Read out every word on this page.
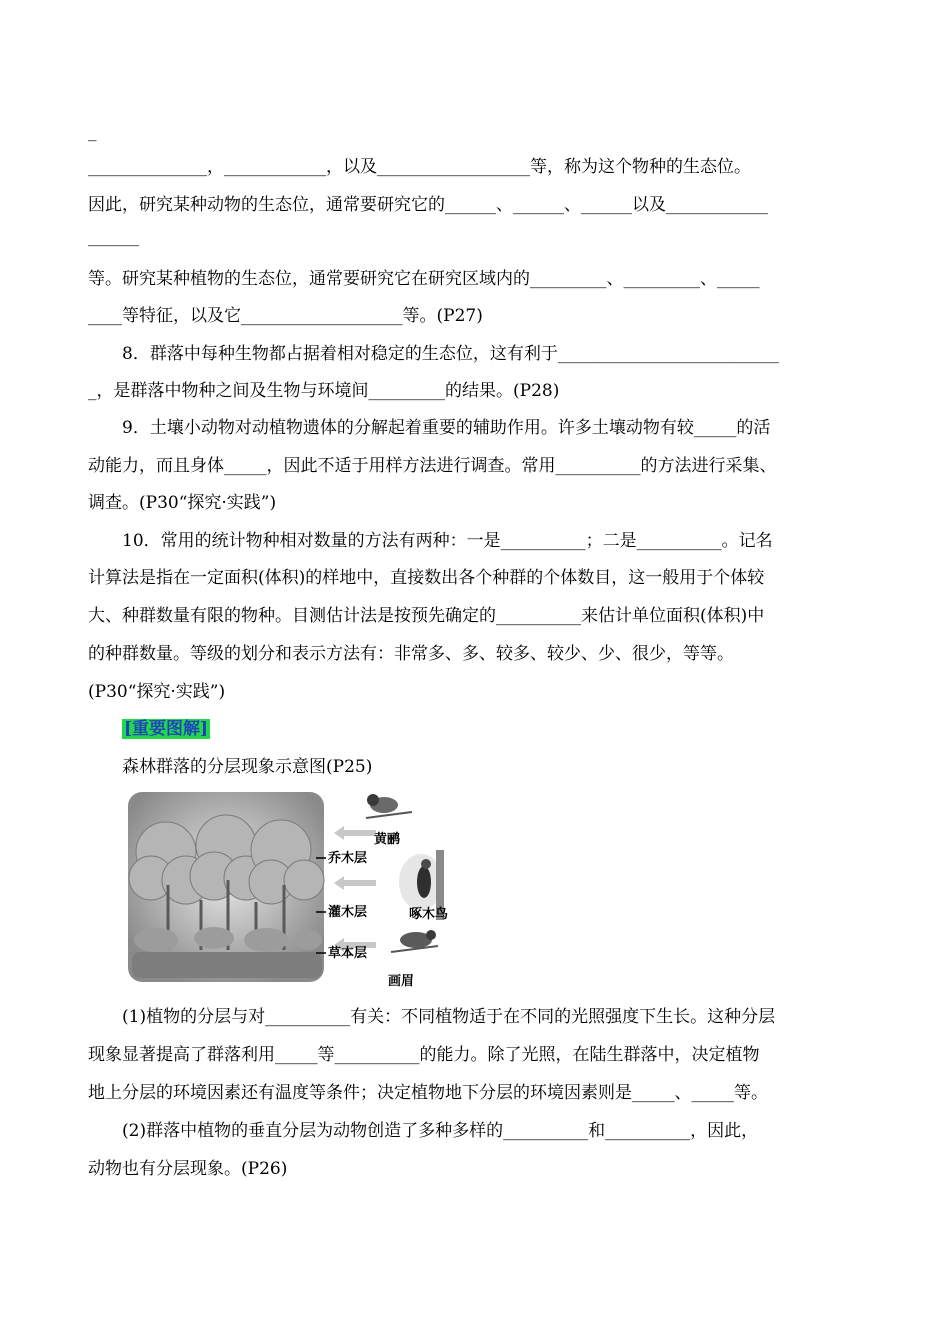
_
______________，____________，以及__________________等，称为这个物种的生态位。
因此，研究某种动物的生态位，通常要研究它的______、______、______以及____________
______
等。研究某种植物的生态位，通常要研究它在研究区域内的_________、_________、_____
____等特征，以及它___________________等。(P27)
8．群落中每种生物都占据着相对稳定的生态位，这有利于__________________________
_，是群落中物种之间及生物与环境间_________的结果。(P28)
9．土壤小动物对动植物遗体的分解起着重要的辅助作用。许多土壤动物有较_____的活
动能力，而且身体_____，因此不适于用样方法进行调查。常用__________的方法进行采集、
调查。(P30“探究·实践”)
10．常用的统计物种相对数量的方法有两种：一是__________；二是__________。记名
计算法是指在一定面积(体积)的样地中，直接数出各个种群的个体数目，这一般用于个体较
大、种群数量有限的物种。目测估计法是按预先确定的__________来估计单位面积(体积)中
的种群数量。等级的划分和表示方法有：非常多、多、较多、较少、少、很少，等等。
(P30“探究·实践”)
[重要图解]
森林群落的分层现象示意图(P25)
乔木层
灌木层
草本层
黄鹂
啄木鸟
画眉
(1)植物的分层与对__________有关：不同植物适于在不同的光照强度下生长。这种分层
现象显著提高了群落利用_____等__________的能力。除了光照，在陆生群落中，决定植物
地上分层的环境因素还有温度等条件；决定植物地下分层的环境因素则是_____、_____等。
(2)群落中植物的垂直分层为动物创造了多种多样的__________和__________，因此，
动物也有分层现象。(P26)
